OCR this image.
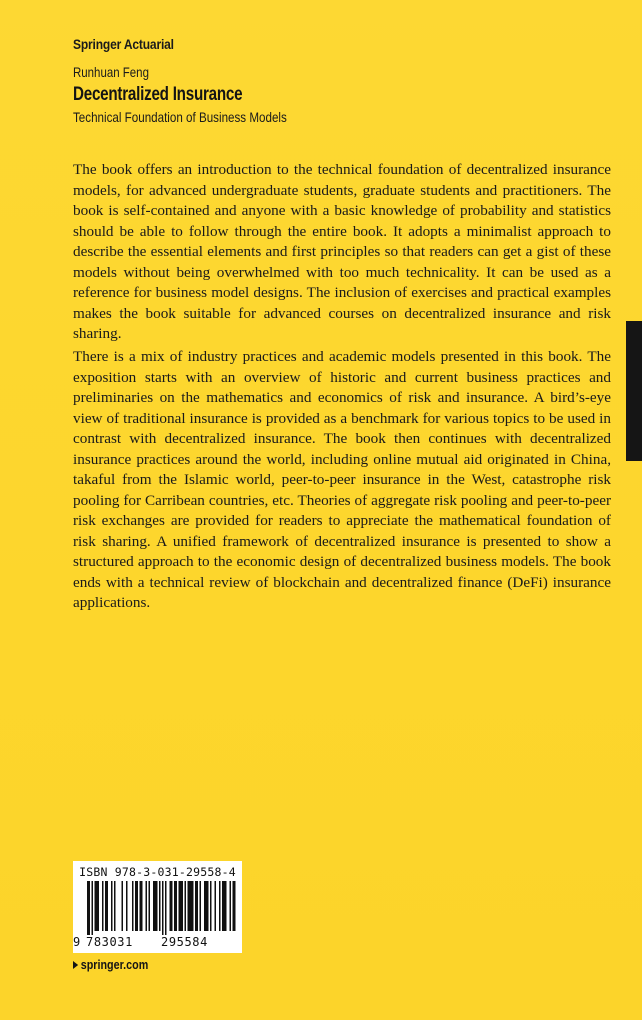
Springer Actuarial
Runhuan Feng
Decentralized Insurance
Technical Foundation of Business Models

The book offers an introduction to the technical foundation of decentralized insurance models, for advanced undergraduate students, graduate students and practitioners. The book is self-contained and anyone with a basic knowledge of probability and statistics should be able to follow through the entire book. It adopts a minimalist approach to describe the essential elements and first principles so that readers can get a gist of these models without being overwhelmed with too much technicality. It can be used as a reference for business model designs. The inclusion of exercises and practical examples makes the book suitable for advanced courses on decentralized insurance and risk sharing.

There is a mix of industry practices and academic models presented in this book. The exposition starts with an overview of historic and current business practices and preliminaries on the mathematics and economics of risk and insurance. A bird’s-eye view of traditional insurance is provided as a benchmark for various topics to be used in contrast with decentralized insurance. The book then continues with decentralized insurance practices around the world, including online mutual aid originated in China, takaful from the Islamic world, peer-to-peer insurance in the West, catastrophe risk pooling for Carribean countries, etc. Theories of aggregate risk pooling and peer-to-peer risk exchanges are provided for readers to appreciate the mathematical foundation of risk sharing. A unified framework of decentralized insurance is presented to show a structured approach to the economic design of decentralized business models. The book ends with a technical review of blockchain and decentralized finance (DeFi) insurance applications.

ISBN 978-3-031-29558-4
9 783031 295584
springer.com
